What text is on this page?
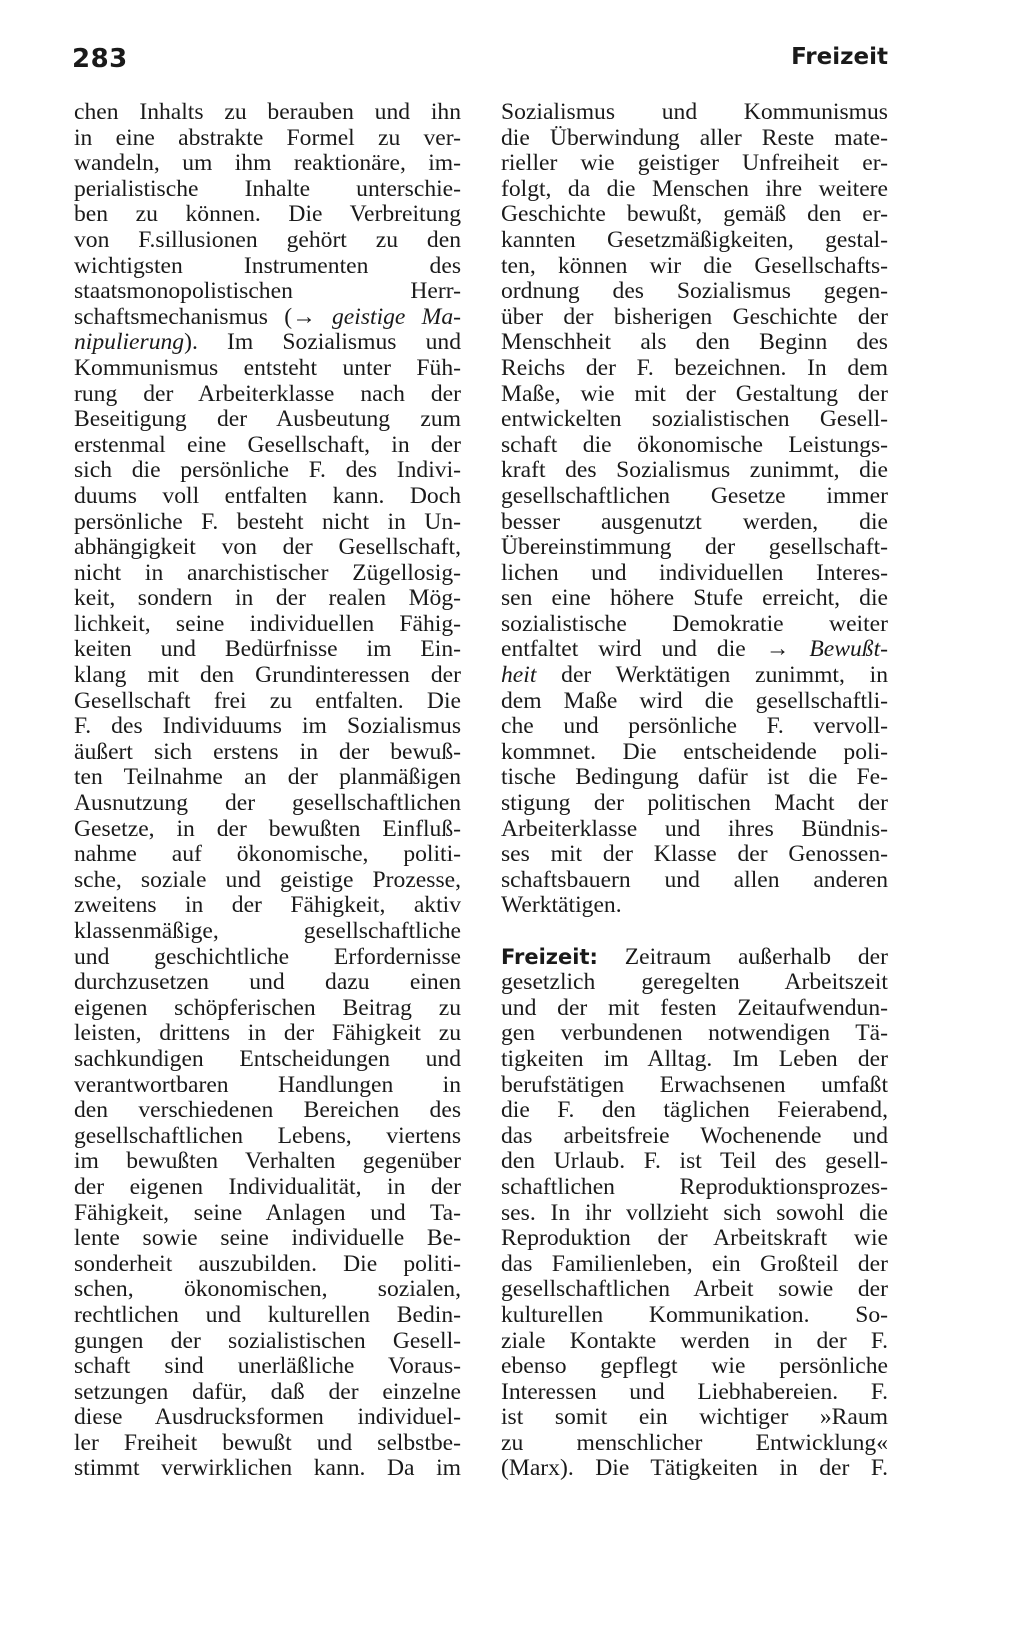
283	Freizeit
chen Inhalts zu berauben und ihn
in eine abstrakte Formel zu ver-
wandeln, um ihm reaktionäre, im-
perialistische Inhalte unterschie-
ben zu können. Die Verbreitung
von F.sillusionen gehört zu den
wichtigsten Instrumenten des
staatsmonopolistischen Herr-
schaftsmechanismus (→ geistige Ma-
nipulierung). Im Sozialismus und
Kommunismus entsteht unter Füh-
rung der Arbeiterklasse nach der
Beseitigung der Ausbeutung zum
erstenmal eine Gesellschaft, in der
sich die persönliche F. des Indivi-
duums voll entfalten kann. Doch
persönliche F. besteht nicht in Un-
abhängigkeit von der Gesellschaft,
nicht in anarchistischer Zügellosig-
keit, sondern in der realen Mög-
lichkeit, seine individuellen Fähig-
keiten und Bedürfnisse im Ein-
klang mit den Grundinteressen der
Gesellschaft frei zu entfalten. Die
F. des Individuums im Sozialismus
äußert sich erstens in der bewuß-
ten Teilnahme an der planmäßigen
Ausnutzung der gesellschaftlichen
Gesetze, in der bewußten Einfluß-
nahme auf ökonomische, politi-
sche, soziale und geistige Prozesse,
zweitens in der Fähigkeit, aktiv
klassenmäßige, gesellschaftliche
und geschichtliche Erfordernisse
durchzusetzen und dazu einen
eigenen schöpferischen Beitrag zu
leisten, drittens in der Fähigkeit zu
sachkundigen Entscheidungen und
verantwortbaren Handlungen in
den verschiedenen Bereichen des
gesellschaftlichen Lebens, viertens
im bewußten Verhalten gegenüber
der eigenen Individualität, in der
Fähigkeit, seine Anlagen und Ta-
lente sowie seine individuelle Be-
sonderheit auszubilden. Die politi-
schen, ökonomischen, sozialen,
rechtlichen und kulturellen Bedin-
gungen der sozialistischen Gesell-
schaft sind unerläßliche Voraus-
setzungen dafür, daß der einzelne
diese Ausdrucksformen individuel-
ler Freiheit bewußt und selbstbe-
stimmt verwirklichen kann. Da im
Sozialismus und Kommunismus
die Überwindung aller Reste mate-
rieller wie geistiger Unfreiheit er-
folgt, da die Menschen ihre weitere
Geschichte bewußt, gemäß den er-
kannten Gesetzmäßigkeiten, gestal-
ten, können wir die Gesellschafts-
ordnung des Sozialismus gegen-
über der bisherigen Geschichte der
Menschheit als den Beginn des
Reichs der F. bezeichnen. In dem
Maße, wie mit der Gestaltung der
entwickelten sozialistischen Gesell-
schaft die ökonomische Leistungs-
kraft des Sozialismus zunimmt, die
gesellschaftlichen Gesetze immer
besser ausgenutzt werden, die
Übereinstimmung der gesellschaft-
lichen und individuellen Interes-
sen eine höhere Stufe erreicht, die
sozialistische Demokratie weiter
entfaltet wird und die → Bewußt-
heit der Werktätigen zunimmt, in
dem Maße wird die gesellschaftli-
che und persönliche F. vervoll-
kommnet. Die entscheidende poli-
tische Bedingung dafür ist die Fe-
stigung der politischen Macht der
Arbeiterklasse und ihres Bündnis-
ses mit der Klasse der Genossen-
schaftsbauern und allen anderen
Werktätigen.
Freizeit: Zeitraum außerhalb der
gesetzlich geregelten Arbeitszeit
und der mit festen Zeitaufwendun-
gen verbundenen notwendigen Tä-
tigkeiten im Alltag. Im Leben der
berufstätigen Erwachsenen umfaßt
die F. den täglichen Feierabend,
das arbeitsfreie Wochenende und
den Urlaub. F. ist Teil des gesell-
schaftlichen Reproduktionsprozes-
ses. In ihr vollzieht sich sowohl die
Reproduktion der Arbeitskraft wie
das Familienleben, ein Großteil der
gesellschaftlichen Arbeit sowie der
kulturellen Kommunikation. So-
ziale Kontakte werden in der F.
ebenso gepflegt wie persönliche
Interessen und Liebhabereien. F.
ist somit ein wichtiger »Raum
zu menschlicher Entwicklung«
(Marx). Die Tätigkeiten in der F.
